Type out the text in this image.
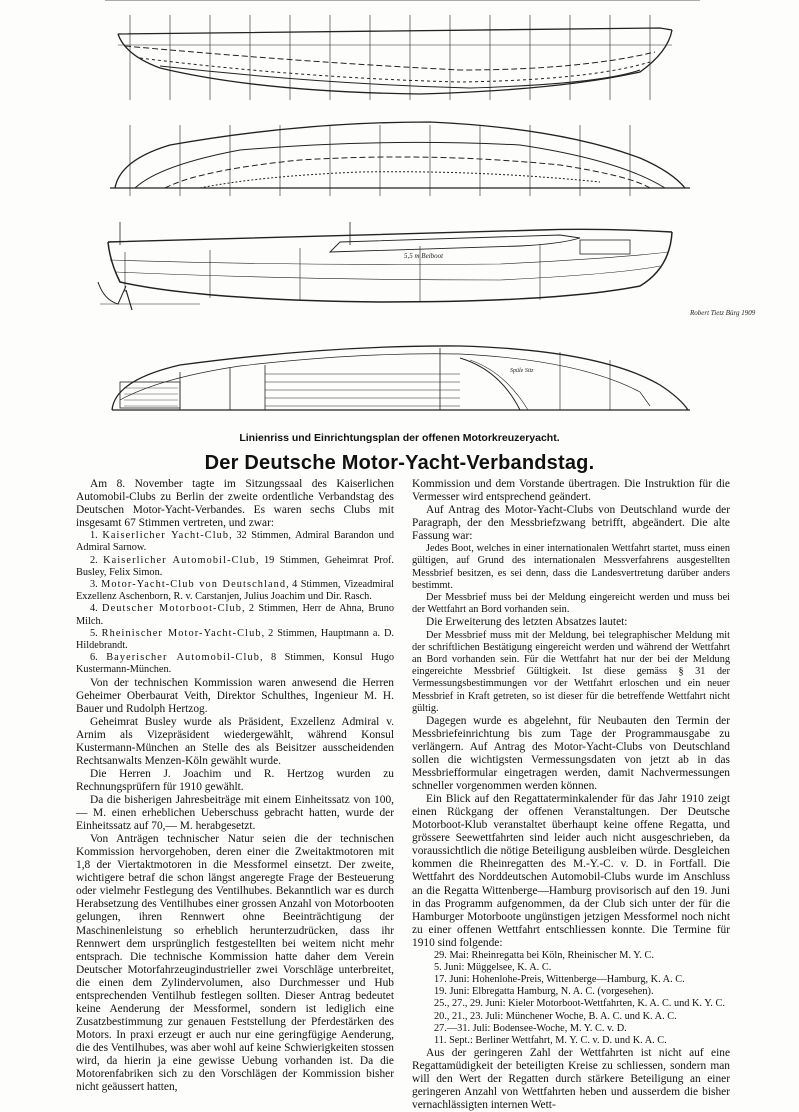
5,5 m Beiboot
Spüle Sitz
Robert Tietz Bürg 1909
Linienriss und Einrichtungsplan der offenen Motorkreuzeryacht.
Der Deutsche Motor-Yacht-Verbandstag.

Am 8. November tagte im Sitzungssaal des Kaiserlichen Automobil-Clubs zu Berlin der zweite ordentliche Verbandstag des Deutschen Motor-Yacht-Verbandes. Es waren sechs Clubs mit insgesamt 67 Stimmen vertreten, und zwar:

1. Kaiserlicher Yacht-Club, 32 Stimmen, Admiral Barandon und Admiral Sarnow.

2. Kaiserlicher Automobil-Club, 19 Stimmen, Geheimrat Prof. Busley, Felix Simon.

3. Motor-Yacht-Club von Deutschland, 4 Stimmen, Vizeadmiral Exzellenz Aschenborn, R. v. Carstanjen, Julius Joachim und Dir. Rasch.

4. Deutscher Motorboot-Club, 2 Stimmen, Herr de Ahna, Bruno Milch.

5. Rheinischer Motor-Yacht-Club, 2 Stimmen, Hauptmann a. D. Hildebrandt.

6. Bayerischer Automobil-Club, 8 Stimmen, Konsul Hugo Kustermann-München.

Von der technischen Kommission waren anwesend die Herren Geheimer Oberbaurat Veith, Direktor Schulthes, Ingenieur M. H. Bauer und Rudolph Hertzog.

Geheimrat Busley wurde als Präsident, Exzellenz Admiral v. Arnim als Vizepräsident wiedergewählt, während Konsul Kustermann-München an Stelle des als Beisitzer ausscheidenden Rechtsanwalts Menzen-Köln gewählt wurde.

Die Herren J. Joachim und R. Hertzog wurden zu Rechnungsprüfern für 1910 gewählt.

Da die bisherigen Jahresbeiträge mit einem Einheitssatz von 100,— M. einen erheblichen Ueberschuss gebracht hatten, wurde der Einheitssatz auf 70,— M. herabgesetzt.

Von Anträgen technischer Natur seien die der technischen Kommission hervorgehoben, deren einer die Zweitaktmotoren mit 1,8 der Viertaktmotoren in die Messformel einsetzt. Der zweite, wichtigere betraf die schon längst angeregte Frage der Besteuerung oder vielmehr Festlegung des Ventilhubes. Bekanntlich war es durch Herabsetzung des Ventilhubes einer grossen Anzahl von Motorbooten gelungen, ihren Rennwert ohne Beeinträchtigung der Maschinenleistung so erheblich herunterzudrücken, dass ihr Rennwert dem ursprünglich festgestellten bei weitem nicht mehr entsprach. Die technische Kommission hatte daher dem Verein Deutscher Motorfahrzeugindustrieller zwei Vorschläge unterbreitet, die einen dem Zylindervolumen, also Durchmesser und Hub entsprechenden Ventilhub festlegen sollten. Dieser Antrag bedeutet keine Aenderung der Messformel, sondern ist lediglich eine Zusatzbestimmung zur genauen Feststellung der Pferdestärken des Motors. In praxi erzeugt er auch nur eine geringfügige Aenderung, die des Ventilhubes, was aber wohl auf keine Schwierigkeiten stossen wird, da hierin ja eine gewisse Uebung vorhanden ist. Da die Motorenfabriken sich zu den Vorschlägen der Kommission bisher nicht geäussert hatten,

Kommission und dem Vorstande übertragen. Die Instruktion für die Vermesser wird entsprechend geändert.

Auf Antrag des Motor-Yacht-Clubs von Deutschland wurde der Paragraph, der den Messbriefzwang betrifft, abgeändert. Die alte Fassung war:

Jedes Boot, welches in einer internationalen Wettfahrt startet, muss einen gültigen, auf Grund des internationalen Messverfahrens ausgestellten Messbrief besitzen, es sei denn, dass die Landesvertretung darüber anders bestimmt.

Der Messbrief muss bei der Meldung eingereicht werden und muss bei der Wettfahrt an Bord vorhanden sein.

Die Erweiterung des letzten Absatzes lautet:

Der Messbrief muss mit der Meldung, bei telegraphischer Meldung mit der schriftlichen Bestätigung eingereicht werden und während der Wettfahrt an Bord vorhanden sein. Für die Wettfahrt hat nur der bei der Meldung eingereichte Messbrief Gültigkeit. Ist diese gemäss § 31 der Vermessungsbestimmungen vor der Wettfahrt erloschen und ein neuer Messbrief in Kraft getreten, so ist dieser für die betreffende Wettfahrt nicht gültig.

Dagegen wurde es abgelehnt, für Neubauten den Termin der Messbriefeinrichtung bis zum Tage der Programmausgabe zu verlängern. Auf Antrag des Motor-Yacht-Clubs von Deutschland sollen die wichtigsten Vermessungsdaten von jetzt ab in das Messbriefformular eingetragen werden, damit Nachvermessungen schneller vorgenommen werden können.

Ein Blick auf den Regattaterminkalender für das Jahr 1910 zeigt einen Rückgang der offenen Veranstaltungen. Der Deutsche Motorboot-Klub veranstaltet überhaupt keine offene Regatta, und grössere Seewettfahrten sind leider auch nicht ausgeschrieben, da voraussichtlich die nötige Beteiligung ausbleiben würde. Desgleichen kommen die Rheinregatten des M.-Y.-C. v. D. in Fortfall. Die Wettfahrt des Norddeutschen Automobil-Clubs wurde im Anschluss an die Regatta Wittenberge—Hamburg provisorisch auf den 19. Juni in das Programm aufgenommen, da der Club sich unter der für die Hamburger Motorboote ungünstigen jetzigen Messformel noch nicht zu einer offenen Wettfahrt entschliessen konnte. Die Termine für 1910 sind folgende:

29. Mai: Rheinregatta bei Köln, Rheinischer M. Y. C.
5. Juni: Müggelsee, K. A. C.
17. Juni: Hohenlohe-Preis, Wittenberge—Hamburg, K. A. C.
19. Juni: Elbregatta Hamburg, N. A. C. (vorgesehen).
25., 27., 29. Juni: Kieler Motorboot-Wettfahrten, K. A. C. und K. Y. C.
20., 21., 23. Juli: Münchener Woche, B. A. C. und K. A. C.
27.—31. Juli: Bodensee-Woche, M. Y. C. v. D.
11. Sept.: Berliner Wettfahrt, M. Y. C. v. D. und K. A. C.

Aus der geringeren Zahl der Wettfahrten ist nicht auf eine Regattamüdigkeit der beteiligten Kreise zu schliessen, sondern man will den Wert der Regatten durch stärkere Beteiligung an einer geringeren Anzahl von Wettfahrten heben und ausserdem die bisher vernachlässigten internen Wett-
